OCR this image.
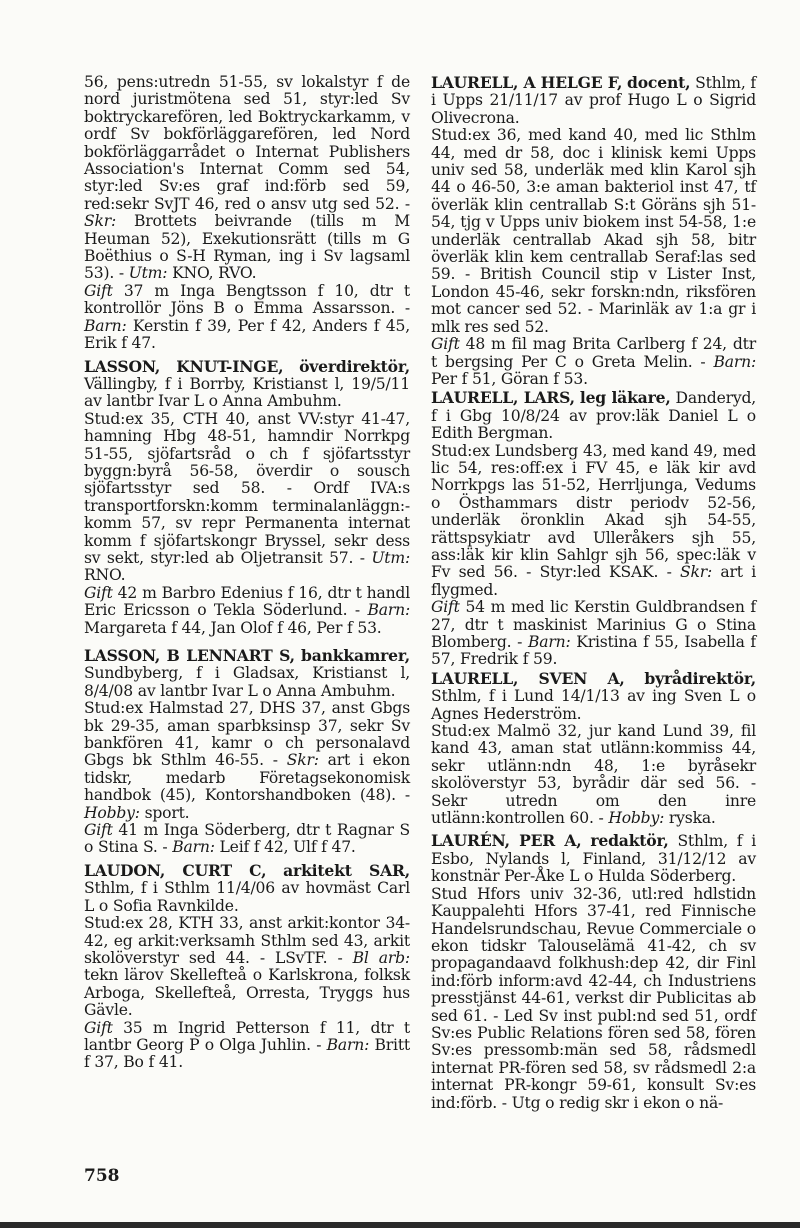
56, pens:utredn 51-55, sv lokalstyr f de nord juristmötena sed 51, styr:led Sv boktryckarefören, led Boktryckarkamm, v ordf Sv bokförläggarefören, led Nord bokförläggarrådet o Internat Publishers Association's Internat Comm sed 54, styr:led Sv:es graf ind:förb sed 59, red:sekr SvJT 46, red o ansv utg sed 52. - Skr: Brottets beivrande (tills m M Heuman 52), Exekutionsrätt (tills m G Boëthius o S-H Ryman, ing i Sv lagsaml 53). - Utm: KNO, RVO.

Gift 37 m Inga Bengtsson f 10, dtr t kontrollör Jöns B o Emma Assarsson. - Barn: Kerstin f 39, Per f 42, Anders f 45, Erik f 47.

LASSON, KNUT-INGE, överdirektör, Vällingby, f i Borrby, Kristianst l, 19/5/11 av lantbr Ivar L o Anna Ambuhm.

Stud:ex 35, CTH 40, anst VV:styr 41-47, hamning Hbg 48-51, hamndir Norrkpg 51-55, sjöfartsråd o ch f sjöfartsstyr byggn:byrå 56-58, överdir o sousch sjöfartsstyr sed 58. - Ordf IVA:s transportforskn:komm terminalanläggn:-komm 57, sv repr Permanenta internat komm f sjöfartskongr Bryssel, sekr dess sv sekt, styr:led ab Oljetransit 57. - Utm: RNO.

Gift 42 m Barbro Edenius f 16, dtr t handl Eric Ericsson o Tekla Söderlund. - Barn: Margareta f 44, Jan Olof f 46, Per f 53.

LASSON, B LENNART S, bankkamrer, Sundbyberg, f i Gladsax, Kristianst l, 8/4/08 av lantbr Ivar L o Anna Ambuhm.

Stud:ex Halmstad 27, DHS 37, anst Gbgs bk 29-35, aman sparbksinsp 37, sekr Sv bankfören 41, kamr o ch personalavd Gbgs bk Sthlm 46-55. - Skr: art i ekon tidskr, medarb Företagsekonomisk handbok (45), Kontorshandboken (48). - Hobby: sport.

Gift 41 m Inga Söderberg, dtr t Ragnar S o Stina S. - Barn: Leif f 42, Ulf f 47.

LAUDON, CURT C, arkitekt SAR, Sthlm, f i Sthlm 11/4/06 av hovmäst Carl L o Sofia Ravnkilde.

Stud:ex 28, KTH 33, anst arkit:kontor 34-42, eg arkit:verksamh Sthlm sed 43, arkit skolöverstyr sed 44. - LSvTF. - Bl arb: tekn lärov Skellefteå o Karlskrona, folksk Arboga, Skellefteå, Orresta, Tryggs hus Gävle.

Gift 35 m Ingrid Petterson f 11, dtr t lantbr Georg P o Olga Juhlin. - Barn: Britt f 37, Bo f 41.

LAURELL, A HELGE F, docent, Sthlm, f i Upps 21/11/17 av prof Hugo L o Sigrid Olivecrona.

Stud:ex 36, med kand 40, med lic Sthlm 44, med dr 58, doc i klinisk kemi Upps univ sed 58, underläk med klin Karol sjh 44 o 46-50, 3:e aman bakteriol inst 47, tf överläk klin centrallab S:t Göräns sjh 51-54, tjg v Upps univ biokem inst 54-58, 1:e underläk centrallab Akad sjh 58, bitr överläk klin kem centrallab Seraf:las sed 59. - British Council stip v Lister Inst, London 45-46, sekr forskn:ndn, riksfören mot cancer sed 52. - Marinläk av 1:a gr i mlk res sed 52.

Gift 48 m fil mag Brita Carlberg f 24, dtr t bergsing Per C o Greta Melin. - Barn: Per f 51, Göran f 53.

LAURELL, LARS, leg läkare, Danderyd, f i Gbg 10/8/24 av prov:läk Daniel L o Edith Bergman.

Stud:ex Lundsberg 43, med kand 49, med lic 54, res:off:ex i FV 45, e läk kir avd Norrkpgs las 51-52, Herrljunga, Vedums o Östhammars distr periodv 52-56, underläk öronklin Akad sjh 54-55, rättspsykiatr avd Ulleråkers sjh 55, ass:läk kir klin Sahlgr sjh 56, spec:läk v Fv sed 56. - Styr:led KSAK. - Skr: art i flygmed.

Gift 54 m med lic Kerstin Guldbrandsen f 27, dtr t maskinist Marinius G o Stina Blomberg. - Barn: Kristina f 55, Isabella f 57, Fredrik f 59.

LAURELL, SVEN A, byrådirektör, Sthlm, f i Lund 14/1/13 av ing Sven L o Agnes Hederström.

Stud:ex Malmö 32, jur kand Lund 39, fil kand 43, aman stat utlänn:kommiss 44, sekr utlänn:ndn 48, 1:e byråsekr skolöverstyr 53, byrådir där sed 56. - Sekr utredn om den inre utlänn:kontrollen 60. - Hobby: ryska.

LAURÉN, PER A, redaktör, Sthlm, f i Esbo, Nylands l, Finland, 31/12/12 av konstnär Per-Åke L o Hulda Söderberg.

Stud Hfors univ 32-36, utl:red hdlstidn Kauppalehti Hfors 37-41, red Finnische Handelsrundschau, Revue Commerciale o ekon tidskr Talouselämä 41-42, ch sv propagandaavd folkhush:dep 42, dir Finl ind:förb inform:avd 42-44, ch Industriens presstjänst 44-61, verkst dir Publicitas ab sed 61. - Led Sv inst publ:nd sed 51, ordf Sv:es Public Relations fören sed 58, fören Sv:es pressomb:män sed 58, rådsmedl internat PR-fören sed 58, sv rådsmedl 2:a internat PR-kongr 59-61, konsult Sv:es ind:förb. - Utg o redig skr i ekon o nä-

758
